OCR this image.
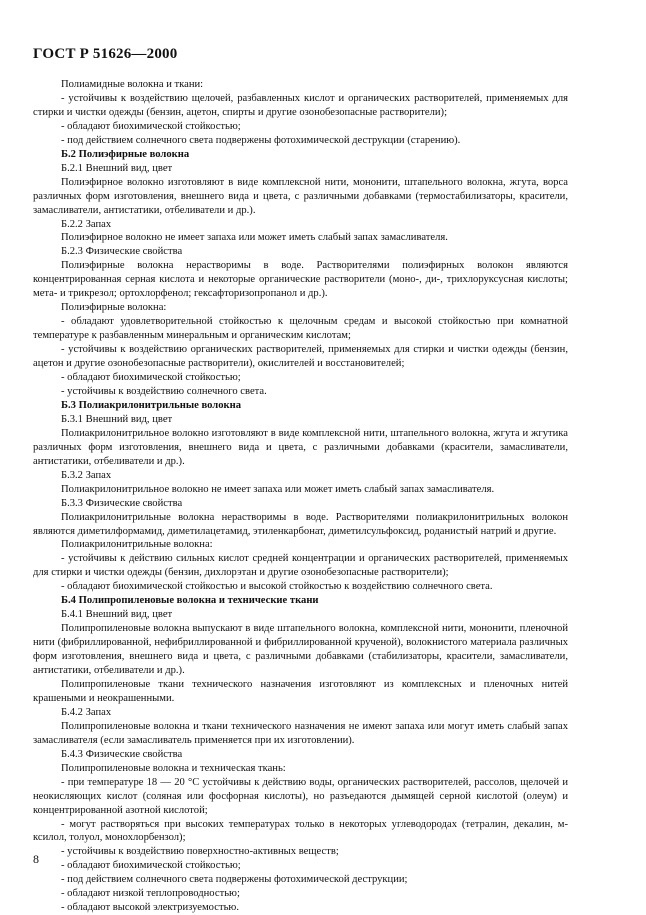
ГОСТ Р 51626—2000

Полиамидные волокна и ткани:

- устойчивы к воздействию щелочей, разбавленных кислот и органических растворителей, применяемых для стирки и чистки одежды (бензин, ацетон, спирты и другие озонобезопасные растворители);

- обладают биохимической стойкостью;

- под действием солнечного света подвержены фотохимической деструкции (старению).

Б.2 Полиэфирные волокна

Б.2.1 Внешний вид, цвет

Полиэфирное волокно изготовляют в виде комплексной нити, мононити, штапельного волокна, жгута, ворса различных форм изготовления, внешнего вида и цвета, с различными добавками (термостабилизаторы, красители, замасливатели, антистатики, отбеливатели и др.).

Б.2.2 Запах

Полиэфирное волокно не имеет запаха или может иметь слабый запах замасливателя.

Б.2.3 Физические свойства

Полиэфирные волокна нерастворимы в воде. Растворителями полиэфирных волокон являются концентрированная серная кислота и некоторые органические растворители (моно-, ди-, трихлоруксусная кислоты; мета- и трикрезол; ортохлорфенол; гексафторизопропанол и др.).

Полиэфирные волокна:

- обладают удовлетворительной стойкостью к щелочным средам и высокой стойкостью при комнатной температуре к разбавленным минеральным и органическим кислотам;

- устойчивы к воздействию органических растворителей, применяемых для стирки и чистки одежды (бензин, ацетон и другие озонобезопасные растворители), окислителей и восстановителей;

- обладают биохимической стойкостью;

- устойчивы к воздействию солнечного света.

Б.3 Полиакрилонитрильные волокна

Б.3.1 Внешний вид, цвет

Полиакрилонитрильное волокно изготовляют в виде комплексной нити, штапельного волокна, жгута и жгутика различных форм изготовления, внешнего вида и цвета, с различными добавками (красители, замасливатели, антистатики, отбеливатели и др.).

Б.3.2 Запах

Полиакрилонитрильное волокно не имеет запаха или может иметь слабый запах замасливателя.

Б.3.3 Физические свойства

Полиакрилонитрильные волокна нерастворимы в воде. Растворителями полиакрилонитрильных волокон являются диметилформамид, диметилацетамид, этиленкарбонат, диметилсульфоксид, роданистый натрий и другие.

Полиакрилонитрильные волокна:

- устойчивы к действию сильных кислот средней концентрации и органических растворителей, применяемых для стирки и чистки одежды (бензин, дихлорэтан и другие озонобезопасные растворители);

- обладают биохимической стойкостью и высокой стойкостью к воздействию солнечного света.

Б.4 Полипропиленовые волокна и технические ткани

Б.4.1 Внешний вид, цвет

Полипропиленовые волокна выпускают в виде штапельного волокна, комплексной нити, мононити, пленочной нити (фибриллированной, нефибриллированной и фибриллированной крученой), волокнистого материала различных форм изготовления, внешнего вида и цвета, с различными добавками (стабилизаторы, красители, замасливатели, антистатики, отбеливатели и др.).

Полипропиленовые ткани технического назначения изготовляют из комплексных и пленочных нитей крашеными и неокрашенными.

Б.4.2 Запах

Полипропиленовые волокна и ткани технического назначения не имеют запаха или могут иметь слабый запах замасливателя (если замасливатель применяется при их изготовлении).

Б.4.3 Физические свойства

Полипропиленовые волокна и техническая ткань:

- при температуре 18 — 20 °С устойчивы к действию воды, органических растворителей, рассолов, щелочей и неокисляющих кислот (соляная или фосфорная кислоты), но разъедаются дымящей серной кислотой (олеум) и концентрированной азотной кислотой;

- могут растворяться при высоких температурах только в некоторых углеводородах (тетралин, декалин, м-ксилол, толуол, монохлорбензол);

- устойчивы к воздействию поверхностно-активных веществ;

- обладают биохимической стойкостью;

- под действием солнечного света подвержены фотохимической деструкции;

- обладают низкой теплопроводностью;

- обладают высокой электризуемостью.

8
